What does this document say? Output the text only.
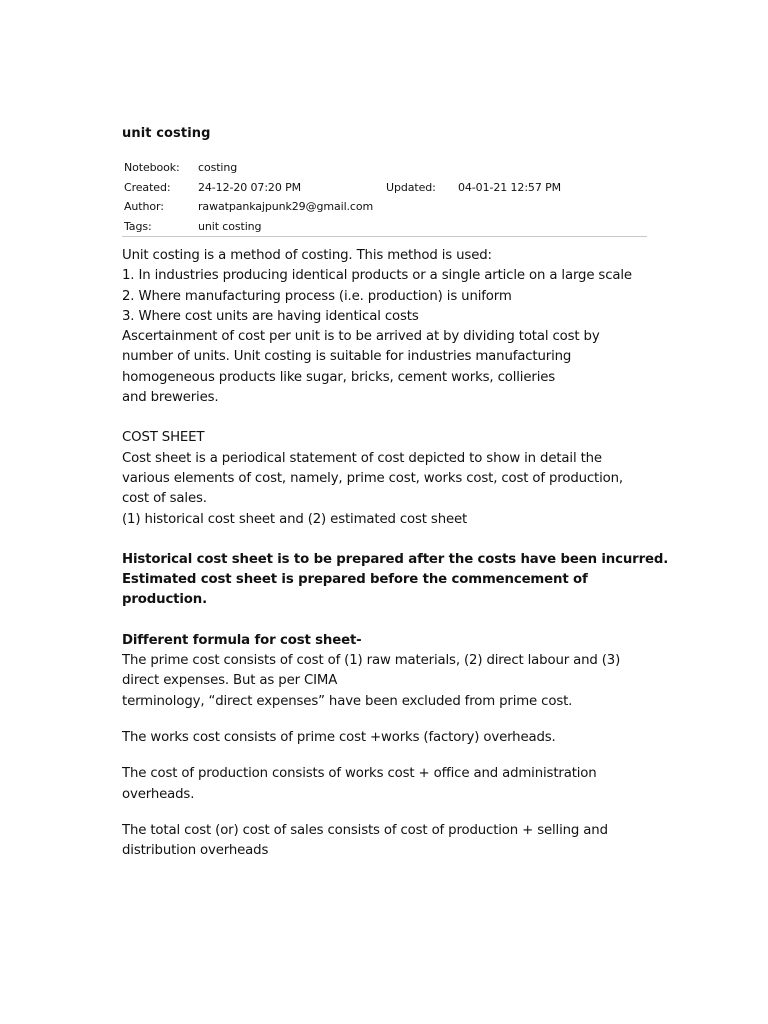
unit costing
Notebook: costing
Created:	24-12-20 07:20 PM	Updated: 04-01-21 12:57 PM
Author:	rawatpankajpunk29@gmail.com
Tags:	unit costing

Unit costing is a method of costing. This method is used:

1. In industries producing identical products or a single article on a large scale

2. Where manufacturing process (i.e. production) is uniform

3. Where cost units are having identical costs

Ascertainment of cost per unit is to be arrived at by dividing total cost by

number of units. Unit costing is suitable for industries manufacturing

homogeneous products like sugar, bricks, cement works, collieries

and breweries.

COST SHEET

Cost sheet is a periodical statement of cost depicted to show in detail the

various elements of cost, namely, prime cost, works cost, cost of production,

cost of sales.

(1) historical cost sheet and (2) estimated cost sheet

Historical cost sheet is to be prepared after the costs have been incurred.

Estimated cost sheet is prepared before the commencement of

production.

Different formula for cost sheet-

The prime cost consists of cost of (1) raw materials, (2) direct labour and (3)

direct expenses. But as per CIMA

terminology, “direct expenses” have been excluded from prime cost.

The works cost consists of prime cost +works (factory) overheads.

The cost of production consists of works cost + office and administration

overheads.

The total cost (or) cost of sales consists of cost of production + selling and

distribution overheads
